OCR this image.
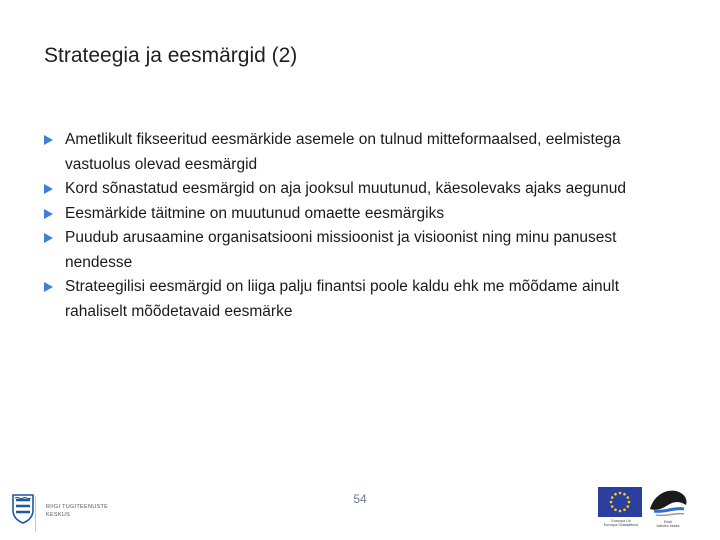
Strateegia ja eesmärgid (2)
Ametlikult fikseeritud eesmärkide asemele on tulnud mitteformaalsed, eelmistega vastuolus olevad eesmärgid
Kord sõnastatud eesmärgid on aja jooksul muutunud, käesolevaks ajaks aegunud
Eesmärkide täitmine on muutunud omaette eesmärgiks
Puudub arusaamine organisatsiooni missioonist ja visioonist ning minu panusest nendesse
Strateegilisi eesmärgid on liiga palju finantsi poole kaldu ehk me mõõdame ainult rahaliselt mõõdetavaid eesmärke
54
RIIGI TUGITEENUSTE
KESKUS
Euroopa Liit
Euroopa Sotsiaalfond
Eesti
tuleviku heaks
